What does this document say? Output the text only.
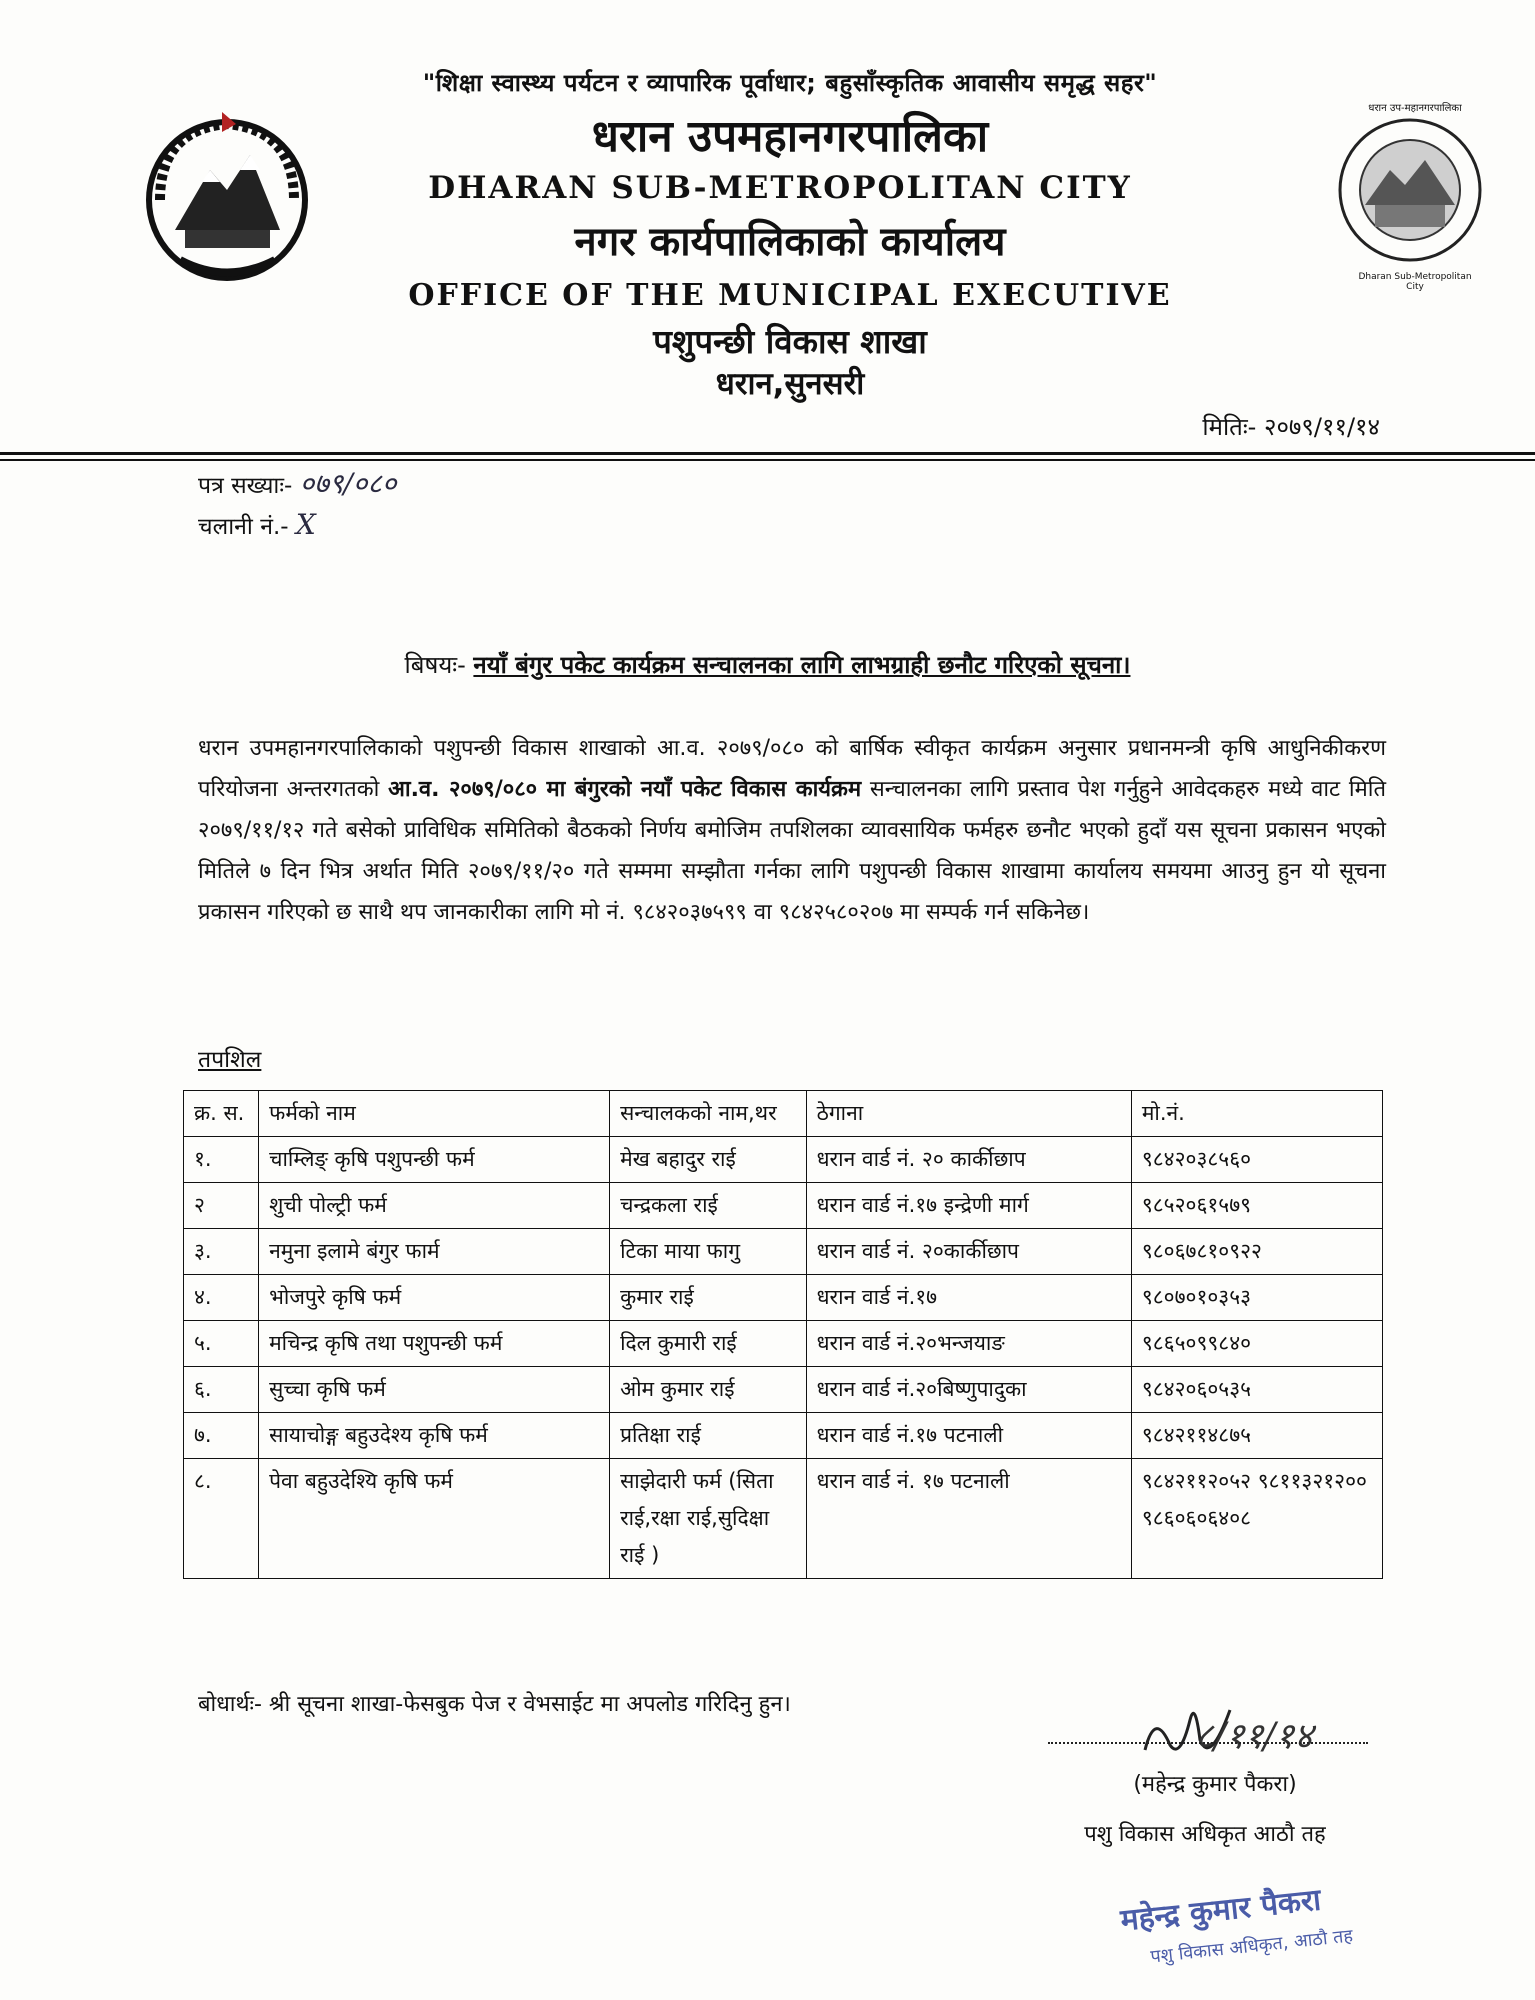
Dharan Sub-Metropolitan City
धरान उप-महानगरपालिका
"शिक्षा स्वास्थ्य पर्यटन र व्यापारिक पूर्वाधार; बहुसाँस्कृतिक आवासीय समृद्ध सहर"
धरान उपमहानगरपालिका
DHARAN SUB-METROPOLITAN CITY
नगर कार्यपालिकाको कार्यालय
OFFICE OF THE MUNICIPAL EXECUTIVE
पशुपन्छी विकास शाखा
धरान,सुनसरी
मितिः- २०७९/११/१४
पत्र सख्याः- ०७९/०८०
चलानी नं.- X
बिषयः- नयाँ बंगुर पकेट कार्यक्रम सन्चालनका लागि लाभग्राही छनौट गरिएको सूचना।
धरान उपमहानगरपालिकाको पशुपन्छी विकास शाखाको आ.व. २०७९/०८० को बार्षिक स्वीकृत कार्यक्रम अनुसार प्रधानमन्त्री कृषि आधुनिकीकरण परियोजना अन्तरगतको आ.व. २०७९/०८० मा बंगुरको नयाँ पकेट विकास कार्यक्रम सन्चालनका लागि प्रस्ताव पेश गर्नुहुने आवेदकहरु मध्ये वाट मिति २०७९/११/१२ गते बसेको प्राविधिक समितिको बैठकको निर्णय बमोजिम तपशिलका व्यावसायिक फर्महरु छनौट भएको हुदाँ यस सूचना प्रकासन भएको मितिले ७ दिन भित्र अर्थात मिति २०७९/११/२० गते सम्ममा सम्झौता गर्नका लागि पशुपन्छी विकास शाखामा कार्यालय समयमा आउनु हुन यो सूचना प्रकासन गरिएको छ साथै थप जानकारीका लागि मो नं. ९८४२०३७५९९ वा ९८४२५८०२०७ मा सम्पर्क गर्न सकिनेछ।
तपशिल
क्र. स.	फर्मको नाम	सन्चालकको नाम,थर	ठेगाना	मो.नं.
१.	चाम्लिङ् कृषि पशुपन्छी फर्म	मेख बहादुर राई	धरान वार्ड नं. २० कार्कीछाप	९८४२०३८५६०
२	शुची पोल्ट्री फर्म	चन्द्रकला राई	धरान वार्ड नं.१७ इन्द्रेणी मार्ग	९८५२०६१५७९
३.	नमुना इलामे बंगुर फार्म	टिका माया फागु	धरान वार्ड नं. २०कार्कीछाप	९८०६७८१०९२२
४.	भोजपुरे कृषि फर्म	कुमार राई	धरान वार्ड नं.१७	९८०७०१०३५३
५.	मचिन्द्र कृषि तथा पशुपन्छी फर्म	दिल कुमारी राई	धरान वार्ड नं.२०भन्जयाङ	९८६५०९९८४०
६.	सुच्चा कृषि फर्म	ओम कुमार राई	धरान वार्ड नं.२०बिष्णुपादुका	९८४२०६०५३५
७.	सायाचोङ्ग बहुउदेश्य कृषि फर्म	प्रतिक्षा राई	धरान वार्ड नं.१७ पटनाली	९८४२११४८७५
८.	पेवा बहुउदेश्यि कृषि फर्म	साझेदारी फर्म (सिता राई,रक्षा राई,सुदिक्षा राई )	धरान वार्ड नं. १७ पटनाली	९८४२११२०५२ ९८११३२१२०० ९८६०६०६४०८
बोधार्थः- श्री सूचना शाखा-फेसबुक पेज र वेभसाईट मा अपलोड गरिदिनु हुन।
८/११/१४
(महेन्द्र कुमार पैकरा)
पशु विकास अधिकृत आठौ तह
महेन्द्र कुमार पैकरा
पशु विकास अधिकृत, आठौ तह
